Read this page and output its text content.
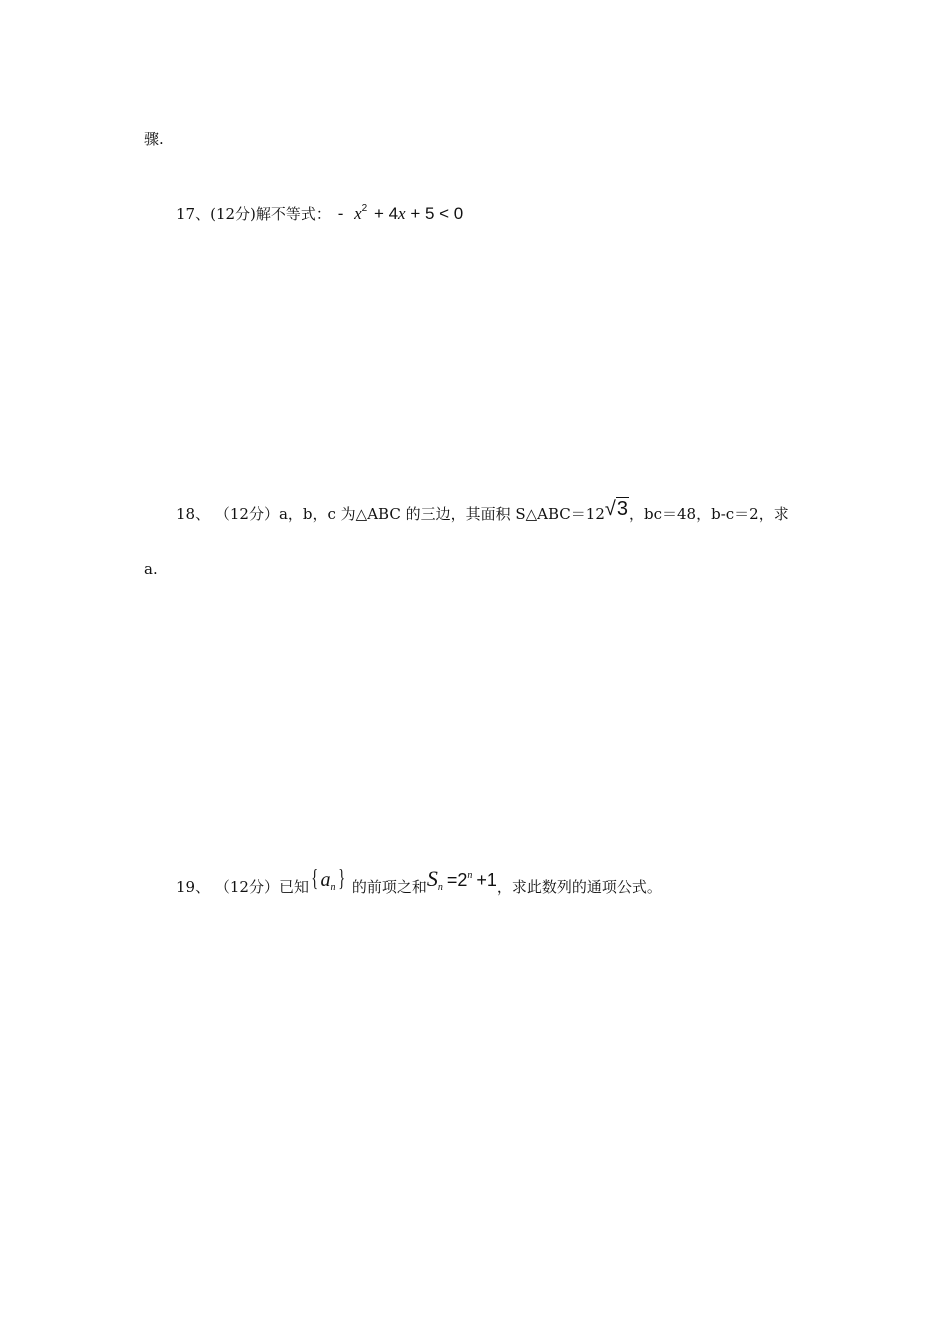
骤.
17、(12分)解不等式： - $x^2 + 4x + 5 < 0$
18、 （12分）a，b，c 为△ABC 的三边，其面积 S△ABC＝12√3，bc＝48，b-c＝2，求
a.
19、 （12分）已知{ $a_n$} 的前项之和$S_n =2^n +1$，求此数列的通项公式。
